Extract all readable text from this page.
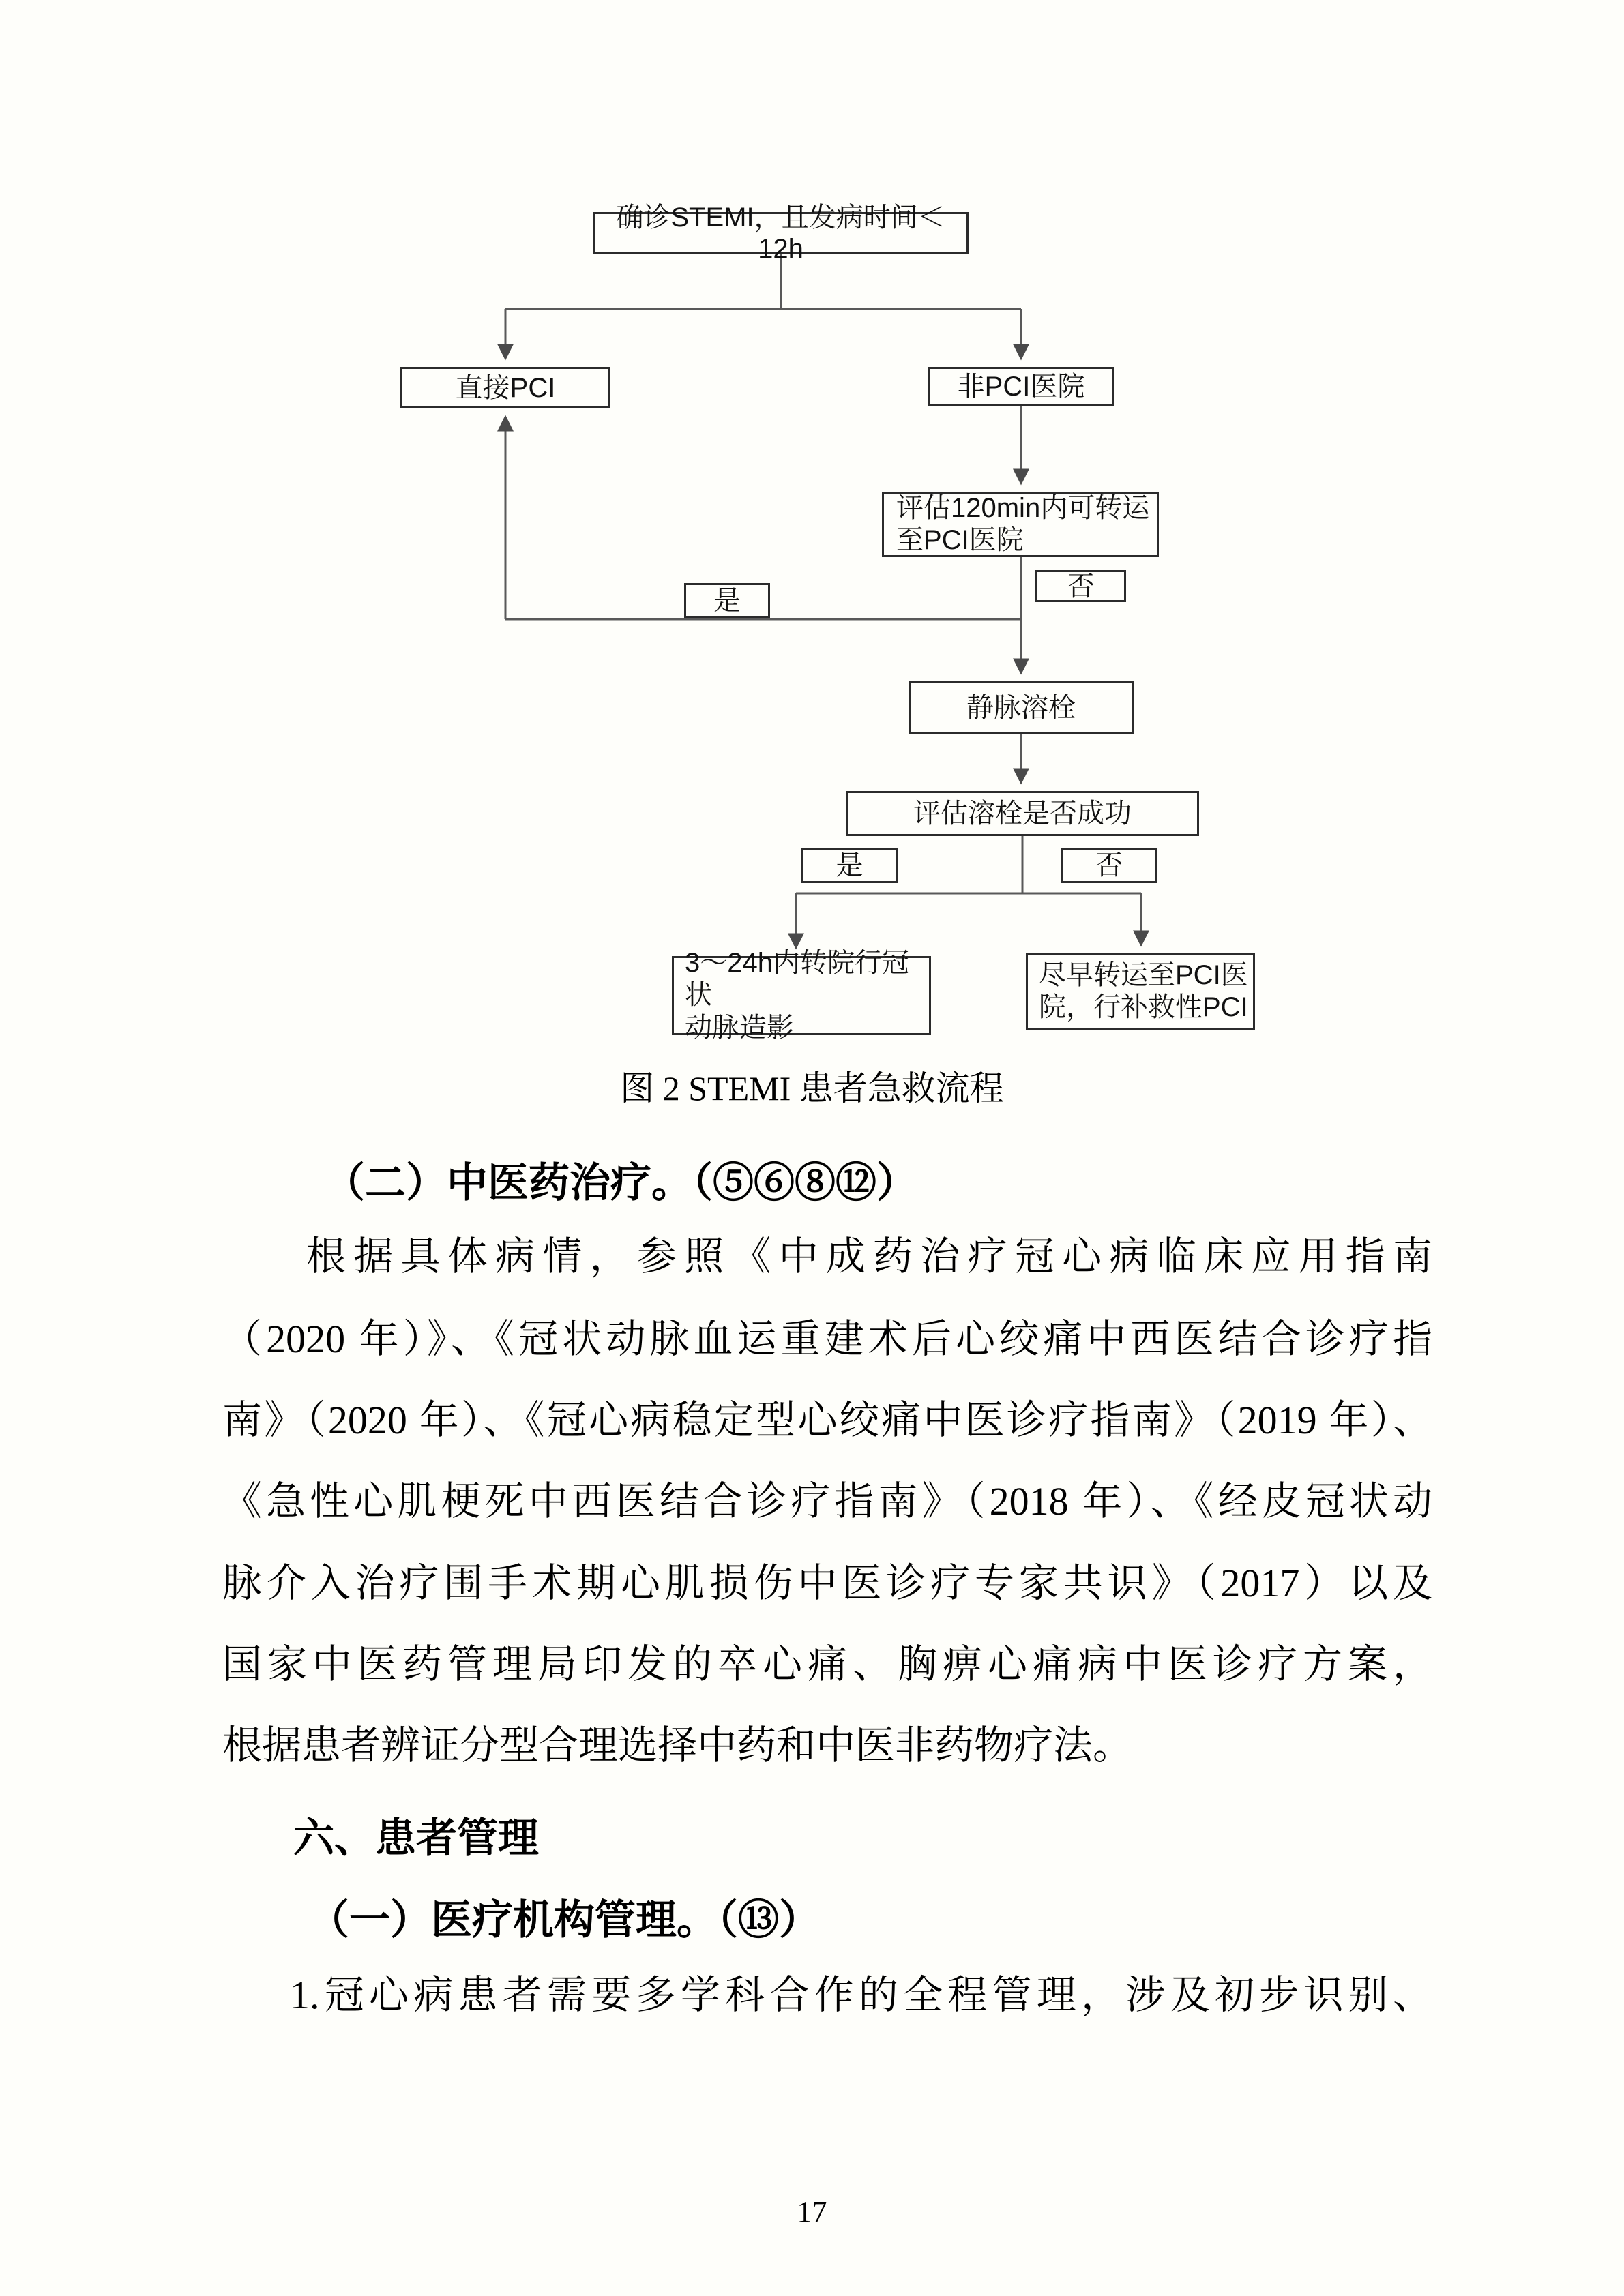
确诊STEMI，且发病时间＜12h
直接PCI	非PCI医院
评估120min内可转运
至PCI医院
是	否
静脉溶栓
评估溶栓是否成功
是	否
3～24h内转院行冠状
动脉造影
尽早转运至PCI医
院，行补救性PCI
图 2 STEMI 患者急救流程
（二）中医药治疗。（⑤⑥⑧⑫）
根据具体病情，参照《中成药治疗冠心病临床应用指南
（2020 年）》、《冠状动脉血运重建术后心绞痛中西医结合诊疗指
南》（2020 年）、《冠心病稳定型心绞痛中医诊疗指南》（2019 年）、
《急性心肌梗死中西医结合诊疗指南》（2018 年）、《经皮冠状动
脉介入治疗围手术期心肌损伤中医诊疗专家共识》（2017）以及
国家中医药管理局印发的卒心痛、胸痹心痛病中医诊疗方案，
根据患者辨证分型合理选择中药和中医非药物疗法。
六、患者管理
（一）医疗机构管理。（⑬）
1.冠心病患者需要多学科合作的全程管理，涉及初步识别、
17
